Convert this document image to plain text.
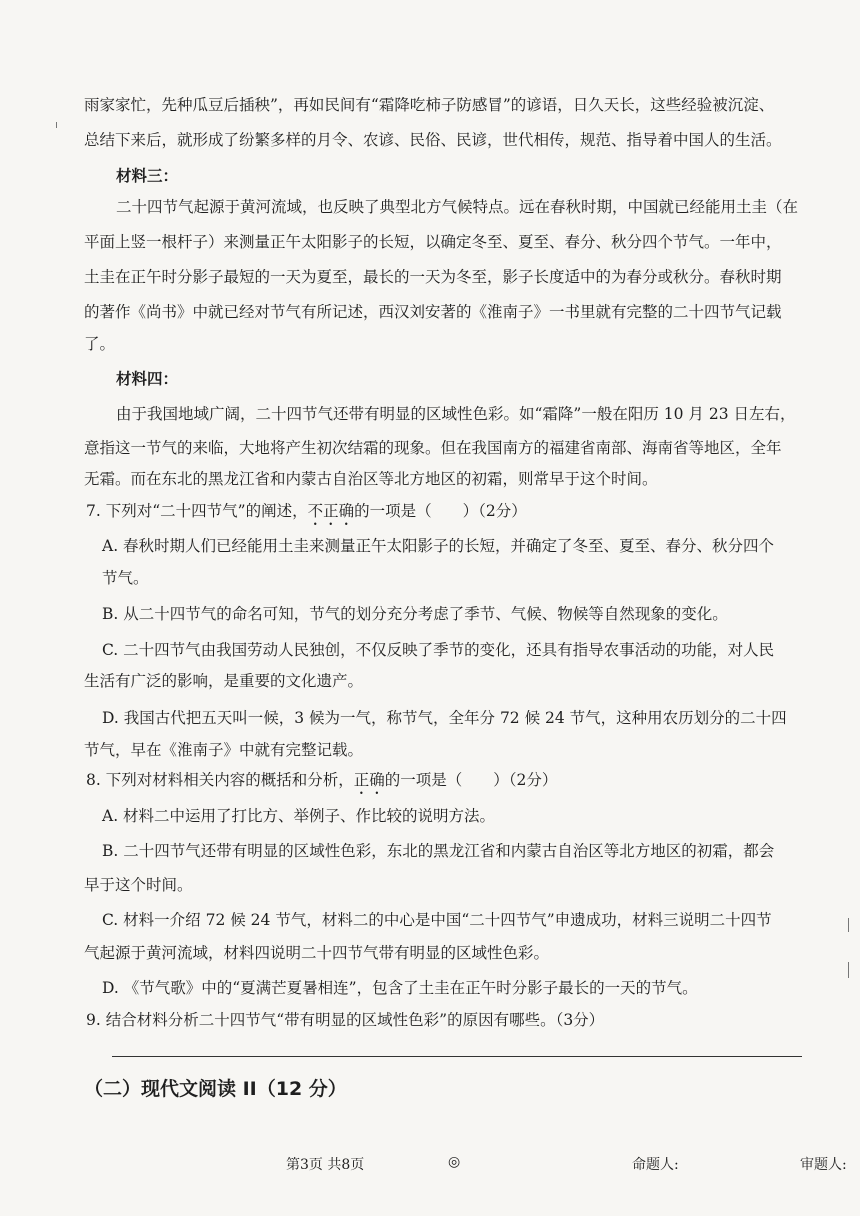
雨家家忙，先种瓜豆后插秧”，再如民间有“霜降吃柿子防感冒”的谚语，日久天长，这些经验被沉淀、
总结下来后，就形成了纷繁多样的月令、农谚、民俗、民谚，世代相传，规范、指导着中国人的生活。
材料三：
二十四节气起源于黄河流域，也反映了典型北方气候特点。远在春秋时期，中国就已经能用土圭（在
平面上竖一根杆子）来测量正午太阳影子的长短，以确定冬至、夏至、春分、秋分四个节气。一年中，
土圭在正午时分影子最短的一天为夏至，最长的一天为冬至，影子长度适中的为春分或秋分。春秋时期
的著作《尚书》中就已经对节气有所记述，西汉刘安著的《淮南子》一书里就有完整的二十四节气记载
了。
材料四：
由于我国地域广阔，二十四节气还带有明显的区域性色彩。如“霜降”一般在阳历 10 月 23 日左右，
意指这一节气的来临，大地将产生初次结霜的现象。但在我国南方的福建省南部、海南省等地区，全年
无霜。而在东北的黑龙江省和内蒙古自治区等北方地区的初霜，则常早于这个时间。
7. 下列对“二十四节气”的阐述，不正确的一项是（　　）（2分）
A. 春秋时期人们已经能用土圭来测量正午太阳影子的长短，并确定了冬至、夏至、春分、秋分四个
节气。
B. 从二十四节气的命名可知，节气的划分充分考虑了季节、气候、物候等自然现象的变化。
C. 二十四节气由我国劳动人民独创，不仅反映了季节的变化，还具有指导农事活动的功能，对人民
生活有广泛的影响，是重要的文化遗产。
D. 我国古代把五天叫一候，3 候为一气，称节气，全年分 72 候 24 节气，这种用农历划分的二十四
节气，早在《淮南子》中就有完整记载。
8. 下列对材料相关内容的概括和分析，正确的一项是（　　）（2分）
A. 材料二中运用了打比方、举例子、作比较的说明方法。
B. 二十四节气还带有明显的区域性色彩，东北的黑龙江省和内蒙古自治区等北方地区的初霜，都会
早于这个时间。
C. 材料一介绍 72 候 24 节气，材料二的中心是中国“二十四节气”申遗成功，材料三说明二十四节
气起源于黄河流域，材料四说明二十四节气带有明显的区域性色彩。
D. 《节气歌》中的“夏满芒夏暑相连”，包含了土圭在正午时分影子最长的一天的节气。
9. 结合材料分析二十四节气“带有明显的区域性色彩”的原因有哪些。（3分）
（二）现代文阅读 II（12 分）
第3页 共8页	◎	命题人:	审题人:
